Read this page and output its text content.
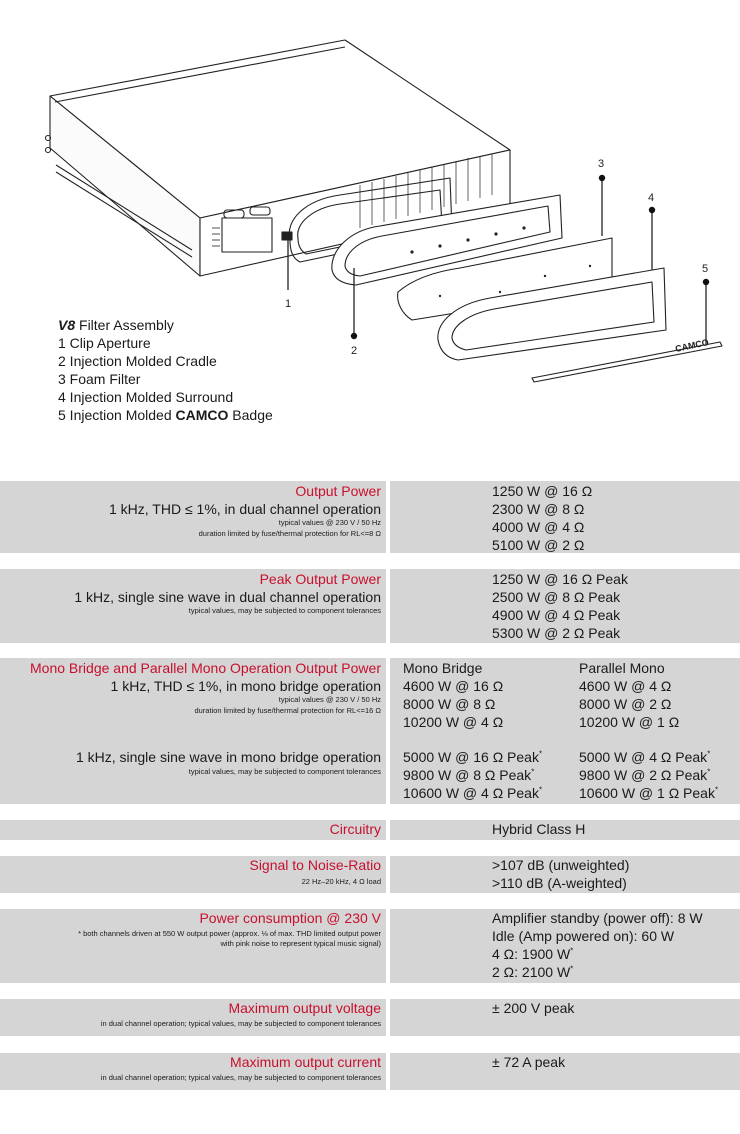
1
2
3
4
5
CAMCO
V8 Filter Assembly
1 Clip Aperture
2 Injection Molded Cradle
3 Foam Filter
4 Injection Molded Surround
5 Injection Molded CAMCO Badge
Output Power
1 kHz, THD ≤ 1%, in dual channel operation
typical values @ 230 V / 50 Hz
duration limited by fuse/thermal protection for RL<=8 Ω
1250 W @ 16 Ω
2300 W @ 8 Ω
4000 W @ 4 Ω
5100 W @ 2 Ω
Peak Output Power
1 kHz, single sine wave in dual channel operation
typical values, may be subjected to component tolerances
1250 W @ 16 Ω Peak
2500 W @ 8 Ω Peak
4900 W @ 4 Ω Peak
5300 W @ 2 Ω Peak
Mono Bridge and Parallel Mono Operation Output Power
1 kHz, THD ≤ 1%, in mono bridge operation
typical values @ 230 V / 50 Hz
duration limited by fuse/thermal protection for RL<=16 Ω
1 kHz, single sine wave in mono bridge operation
typical values, may be subjected to component tolerances
Mono Bridge
4600 W @ 16 Ω
8000 W @ 8 Ω
10200 W @ 4 Ω
5000 W @ 16 Ω Peak*
9800 W @ 8 Ω Peak*
10600 W @ 4 Ω Peak*
Parallel Mono
4600 W @ 4 Ω
8000 W @ 2 Ω
10200 W @ 1 Ω
5000 W @ 4 Ω Peak*
9800 W @ 2 Ω Peak*
10600 W @ 1 Ω Peak*
Circuitry	Hybrid Class H
Signal to Noise-Ratio
22 Hz–20 kHz, 4 Ω load
>107 dB (unweighted)
>110 dB (A-weighted)
Power consumption @ 230 V
* both channels driven at 550 W output power (approx. ⅛ of max. THD limited output power
with pink noise to represent typical music signal)
Amplifier standby (power off): 8 W
Idle (Amp powered on): 60 W
4 Ω: 1900 W*
2 Ω: 2100 W*
Maximum output voltage
in dual channel operation; typical values, may be subjected to component tolerances
± 200 V peak
Maximum output current
in dual channel operation; typical values, may be subjected to component tolerances
± 72 A peak
